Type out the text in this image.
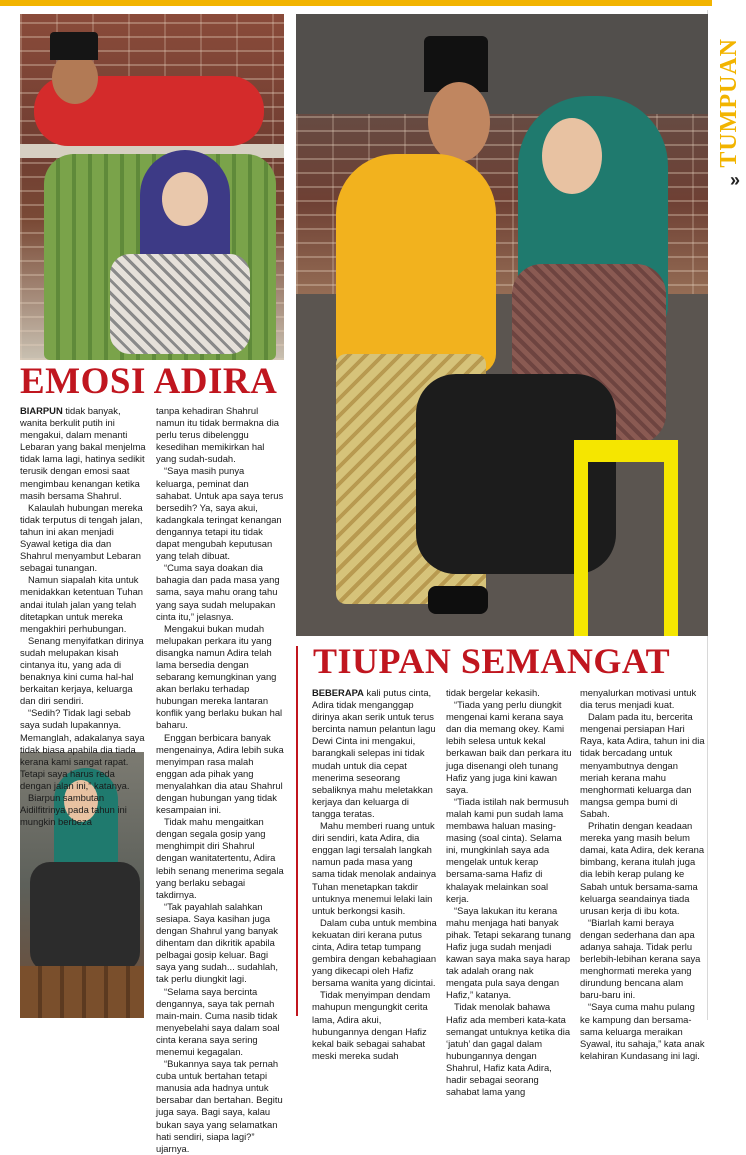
TUMPUAN
»
EMOSI ADIRA
TIUPAN SEMANGAT

BIARPUN tidak banyak, wanita berkulit putih ini mengakui, dalam menanti Lebaran yang bakal menjelma tidak lama lagi, hatinya sedikit terusik dengan emosi saat mengimbau kenangan ketika masih bersama Shahrul.

Kalaulah hubungan mereka tidak terputus di tengah jalan, tahun ini akan menjadi Syawal ketiga dia dan Shahrul menyambut Lebaran sebagai tunangan.

Namun siapalah kita untuk menidakkan ketentuan Tuhan andai itulah jalan yang telah ditetapkan untuk mereka mengakhiri perhubungan.

Senang menyifatkan dirinya sudah melupakan kisah cintanya itu, yang ada di benaknya kini cuma hal-hal berkaitan kerjaya, keluarga dan diri sendiri.

“Sedih? Tidak lagi sebab saya sudah lupakannya. Memanglah, adakalanya saya tidak biasa apabila dia tiada kerana kami sangat rapat. Tetapi saya harus reda dengan jalan ini,” katanya.

Biarpun sambutan Aidilfitrinya pada tahun ini mungkin berbeza

tanpa kehadiran Shahrul namun itu tidak bermakna dia perlu terus dibelenggu kesedihan memikirkan hal yang sudah-sudah.

“Saya masih punya keluarga, peminat dan sahabat. Untuk apa saya terus bersedih? Ya, saya akui, kadangkala teringat kenangan dengannya tetapi itu tidak dapat mengubah keputusan yang telah dibuat.

“Cuma saya doakan dia bahagia dan pada masa yang sama, saya mahu orang tahu yang saya sudah melupakan cinta itu,” jelasnya.

Mengakui bukan mudah melupakan perkara itu yang disangka namun Adira telah lama bersedia dengan sebarang kemungkinan yang akan berlaku terhadap hubungan mereka lantaran konflik yang berlaku bukan hal baharu.

Enggan berbicara banyak mengenainya, Adira lebih suka menyimpan rasa malah enggan ada pihak yang menyalahkan dia atau Shahrul dengan hubungan yang tidak kesampaian ini.

Tidak mahu mengaitkan dengan segala gosip yang menghimpit diri Shahrul dengan wanitatertentu, Adira lebih senang menerima segala yang berlaku sebagai takdirnya.

“Tak payahlah salahkan sesiapa. Saya kasihan juga dengan Shahrul yang banyak dihentam dan dikritik apabila pelbagai gosip keluar. Bagi saya yang sudah... sudahlah, tak perlu diungkit lagi.

“Selama saya bercinta dengannya, saya tak pernah main-main. Cuma nasib tidak menyebelahi saya dalam soal cinta kerana saya sering menemui kegagalan.

“Bukannya saya tak pernah cuba untuk bertahan tetapi manusia ada hadnya untuk bersabar dan bertahan. Begitu juga saya. Bagi saya, kalau bukan saya yang selamatkan hati sendiri, siapa lagi?” ujarnya.

BEBERAPA kali putus cinta, Adira tidak menganggap dirinya akan serik untuk terus bercinta namun pelantun lagu Dewi Cinta ini mengakui, barangkali selepas ini tidak mudah untuk dia cepat menerima seseorang sebaliknya mahu meletakkan kerjaya dan keluarga di tangga teratas.

Mahu memberi ruang untuk diri sendiri, kata Adira, dia enggan lagi tersalah langkah namun pada masa yang sama tidak menolak andainya Tuhan menetapkan takdir untuknya menemui lelaki lain untuk berkongsi kasih.

Dalam cuba untuk membina kekuatan diri kerana putus cinta, Adira tetap tumpang gembira dengan kebahagiaan yang dikecapi oleh Hafiz bersama wanita yang dicintai.

Tidak menyimpan dendam mahupun mengungkit cerita lama, Adira akui, hubungannya dengan Hafiz kekal baik sebagai sahabat meski mereka sudah

tidak bergelar kekasih.

“Tiada yang perlu diungkit mengenai kami kerana saya dan dia memang okey. Kami lebih selesa untuk kekal berkawan baik dan perkara itu juga disenangi oleh tunang Hafiz yang juga kini kawan saya.

“Tiada istilah nak bermusuh malah kami pun sudah lama membawa haluan masing-masing (soal cinta). Selama ini, mungkinlah saya ada mengelak untuk kerap bersama-sama Hafiz di khalayak melainkan soal kerja.

“Saya lakukan itu kerana mahu menjaga hati banyak pihak. Tetapi sekarang tunang Hafiz juga sudah menjadi kawan saya maka saya harap tak adalah orang nak mengata pula saya dengan Hafiz,” katanya.

Tidak menolak bahawa Hafiz ada memberi kata-kata semangat untuknya ketika dia ‘jatuh’ dan gagal dalam hubungannya dengan Shahrul, Hafiz kata Adira, hadir sebagai seorang sahabat lama yang

menyalurkan motivasi untuk dia terus menjadi kuat.

Dalam pada itu, bercerita mengenai persiapan Hari Raya, kata Adira, tahun ini dia tidak bercadang untuk menyambutnya dengan meriah kerana mahu menghormati keluarga dan mangsa gempa bumi di Sabah.

Prihatin dengan keadaan mereka yang masih belum damai, kata Adira, dek kerana bimbang, kerana itulah juga dia lebih kerap pulang ke Sabah untuk bersama-sama keluarga seandainya tiada urusan kerja di ibu kota.

“Biarlah kami beraya dengan sederhana dan apa adanya sahaja. Tidak perlu berlebih-lebihan kerana saya menghormati mereka yang dirundung bencana alam baru-baru ini.

“Saya cuma mahu pulang ke kampung dan bersama-sama keluarga meraikan Syawal, itu sahaja,” kata anak kelahiran Kundasang ini lagi.
